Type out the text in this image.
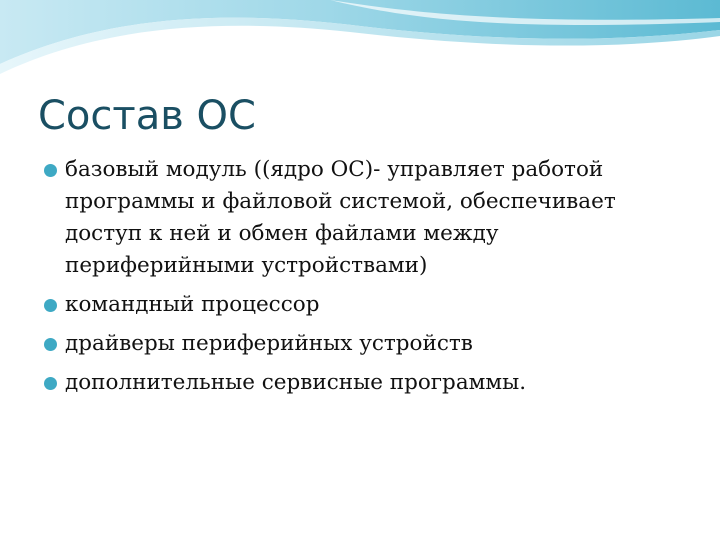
Состав ОС
базовый модуль ((ядро ОС)- управляет работой программы и файловой системой, обеспечивает доступ к ней и обмен файлами между периферийными устройствами)
командный процессор
драйверы периферийных устройств
дополнительные сервисные программы.
